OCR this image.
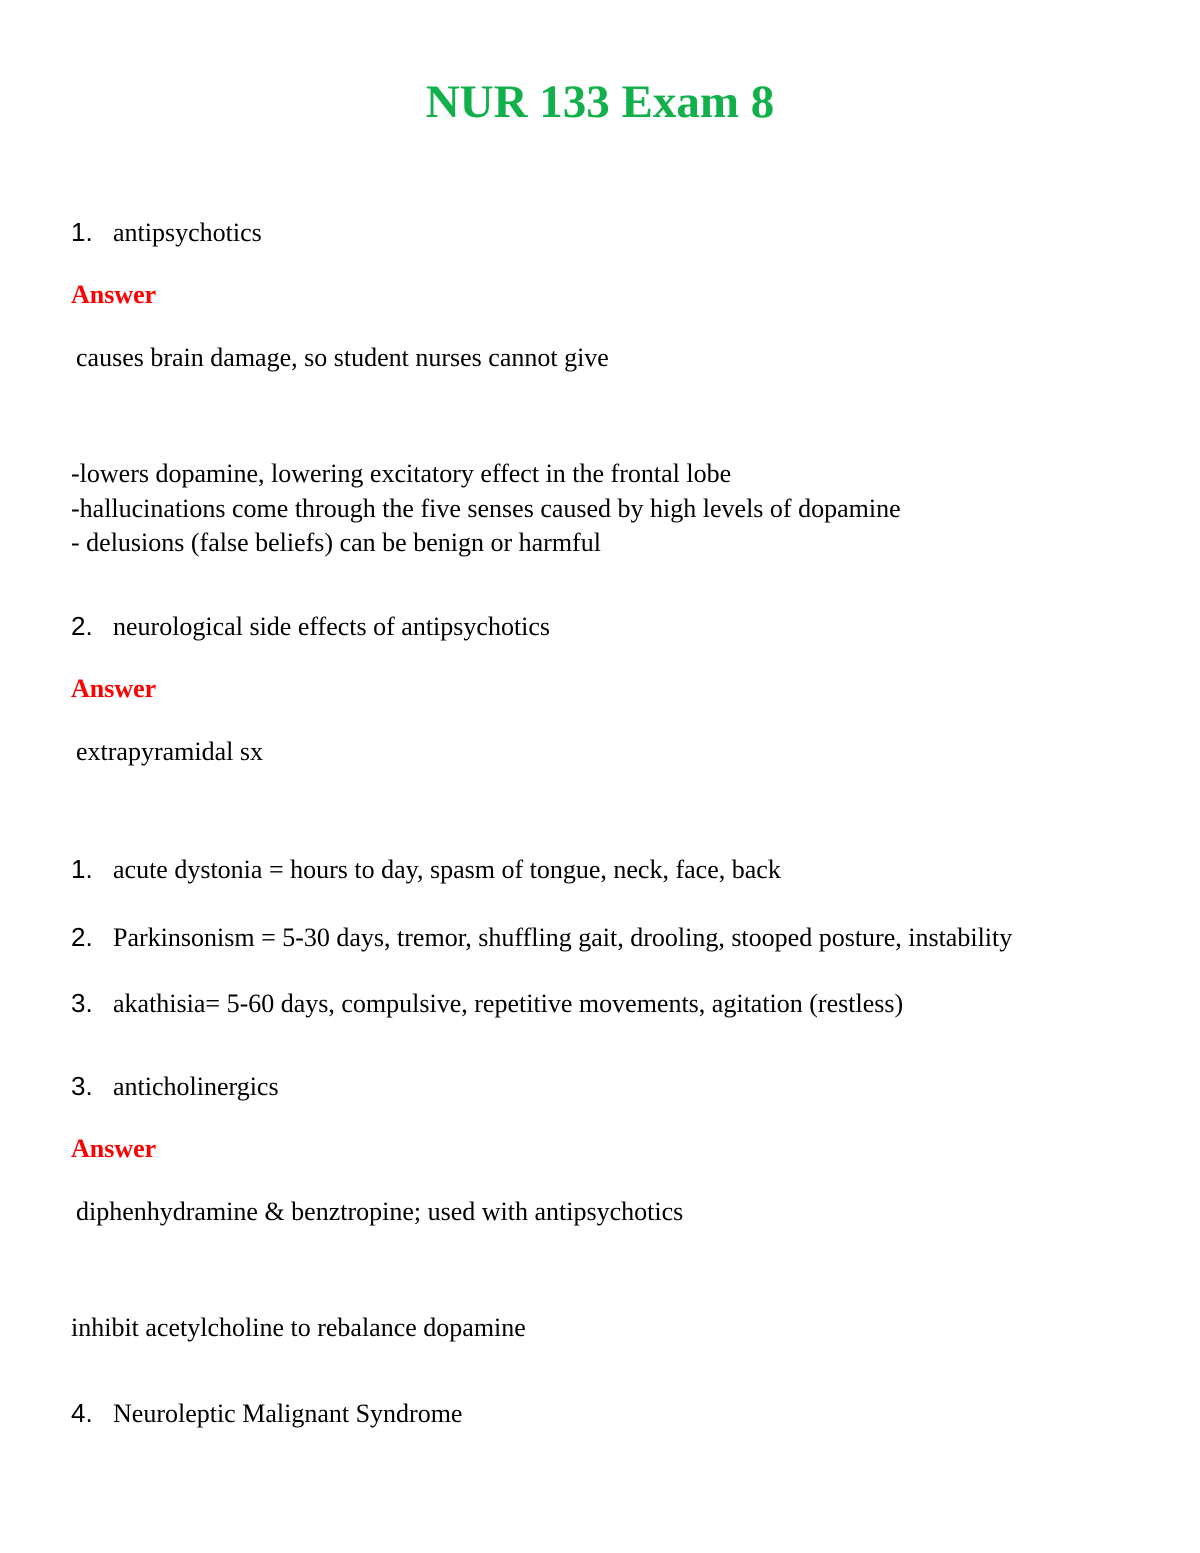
NUR 133 Exam 8

1. antipsychotics

Answer

causes brain damage, so student nurses cannot give

-lowers dopamine, lowering excitatory effect in the frontal lobe
-hallucinations come through the five senses caused by high levels of dopamine
- delusions (false beliefs) can be benign or harmful

2. neurological side effects of antipsychotics

Answer

extrapyramidal sx

1. acute dystonia = hours to day, spasm of tongue, neck, face, back

2. Parkinsonism = 5-30 days, tremor, shuffling gait, drooling, stooped posture, instability

3. akathisia= 5-60 days, compulsive, repetitive movements, agitation (restless)

3. anticholinergics

Answer

diphenhydramine & benztropine; used with antipsychotics

inhibit acetylcholine to rebalance dopamine

4. Neuroleptic Malignant Syndrome
